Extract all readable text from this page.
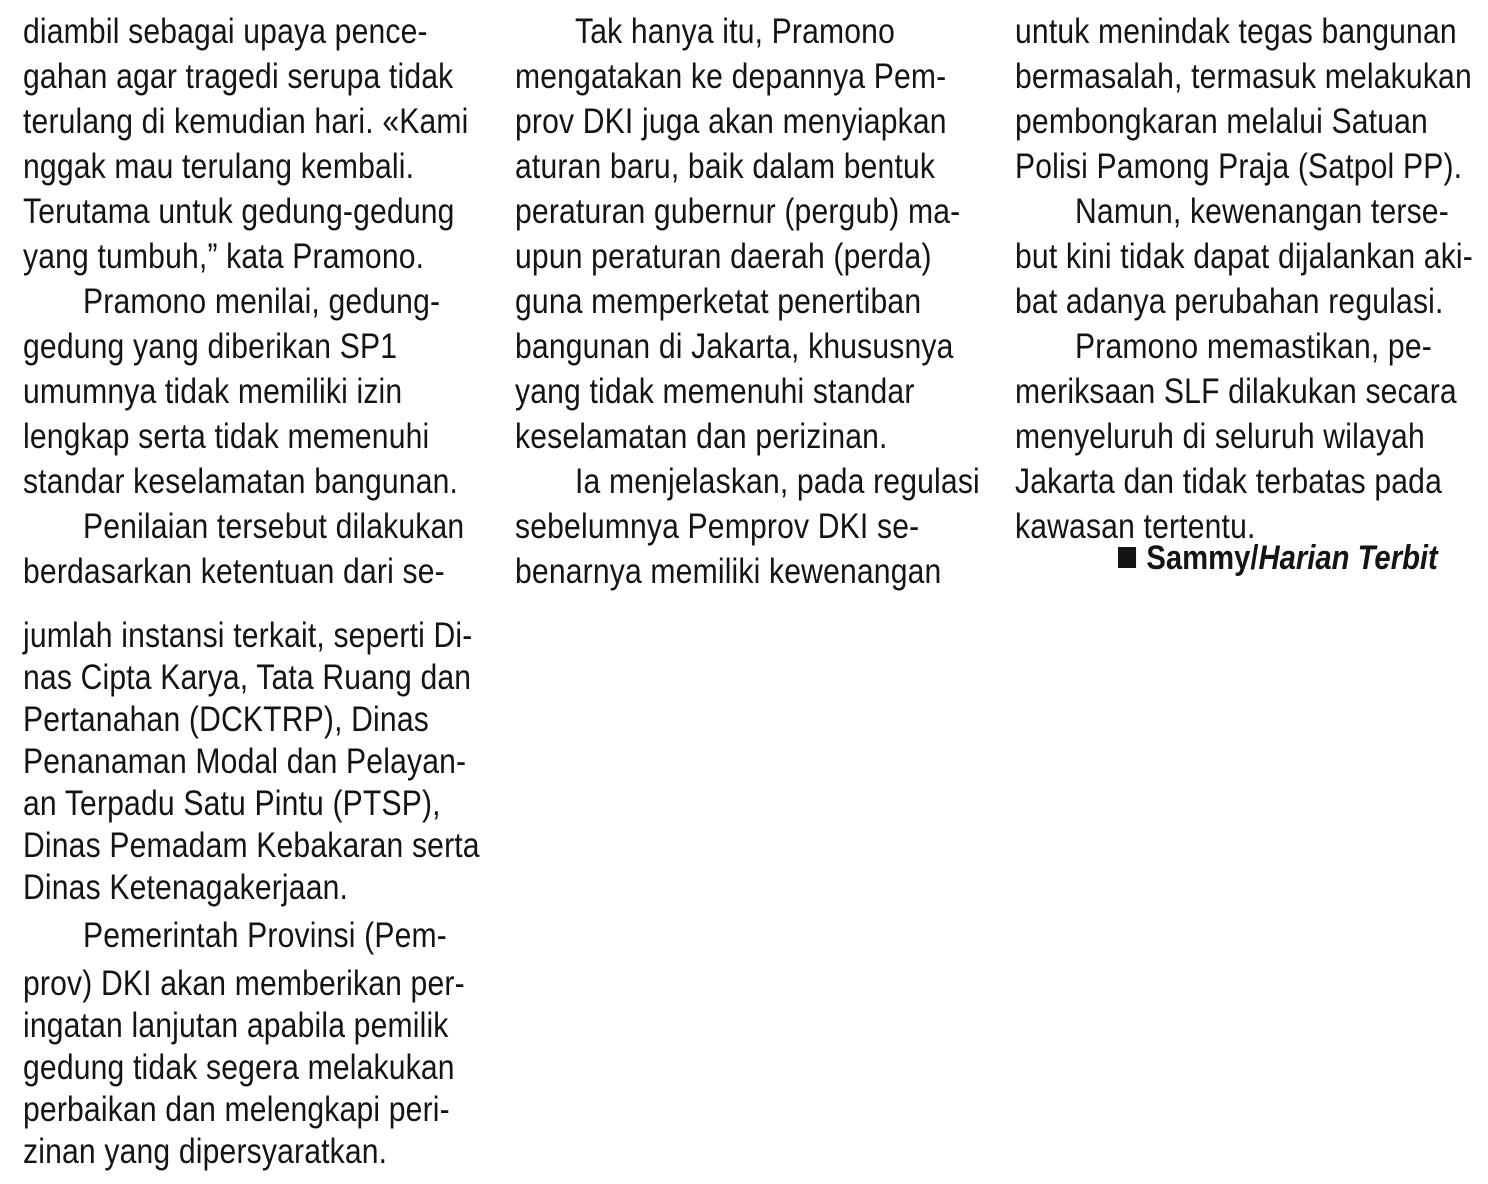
diambil sebagai upaya pence-
gahan agar tragedi serupa tidak
terulang di kemudian hari. «Kami
nggak mau terulang kembali.
Terutama untuk gedung-gedung
yang tumbuh,” kata Pramono.
Pramono menilai, gedung-
gedung yang diberikan SP1
umumnya tidak memiliki izin
lengkap serta tidak memenuhi
standar keselamatan bangunan.
Penilaian tersebut dilakukan
berdasarkan ketentuan dari se-
jumlah instansi terkait, seperti Di-
nas Cipta Karya, Tata Ruang dan
Pertanahan (DCKTRP), Dinas
Penanaman Modal dan Pelayan-
an Terpadu Satu Pintu (PTSP),
Dinas Pemadam Kebakaran serta
Dinas Ketenagakerjaan.
Pemerintah Provinsi (Pem-
prov) DKI akan memberikan per-
ingatan lanjutan apabila pemilik
gedung tidak segera melakukan
perbaikan dan melengkapi peri-
zinan yang dipersyaratkan.
Tak hanya itu, Pramono
mengatakan ke depannya Pem-
prov DKI juga akan menyiapkan
aturan baru, baik dalam bentuk
peraturan gubernur (pergub) ma-
upun peraturan daerah (perda)
guna memperketat penertiban
bangunan di Jakarta, khususnya
yang tidak memenuhi standar
keselamatan dan perizinan.
Ia menjelaskan, pada regulasi
sebelumnya Pemprov DKI se-
benarnya memiliki kewenangan
untuk menindak tegas bangunan
bermasalah, termasuk melakukan
pembongkaran melalui Satuan
Polisi Pamong Praja (Satpol PP).
Namun, kewenangan terse-
but kini tidak dapat dijalankan aki-
bat adanya perubahan regulasi.
Pramono memastikan, pe-
meriksaan SLF dilakukan secara
menyeluruh di seluruh wilayah
Jakarta dan tidak terbatas pada
kawasan tertentu.
Sammy/Harian Terbit
